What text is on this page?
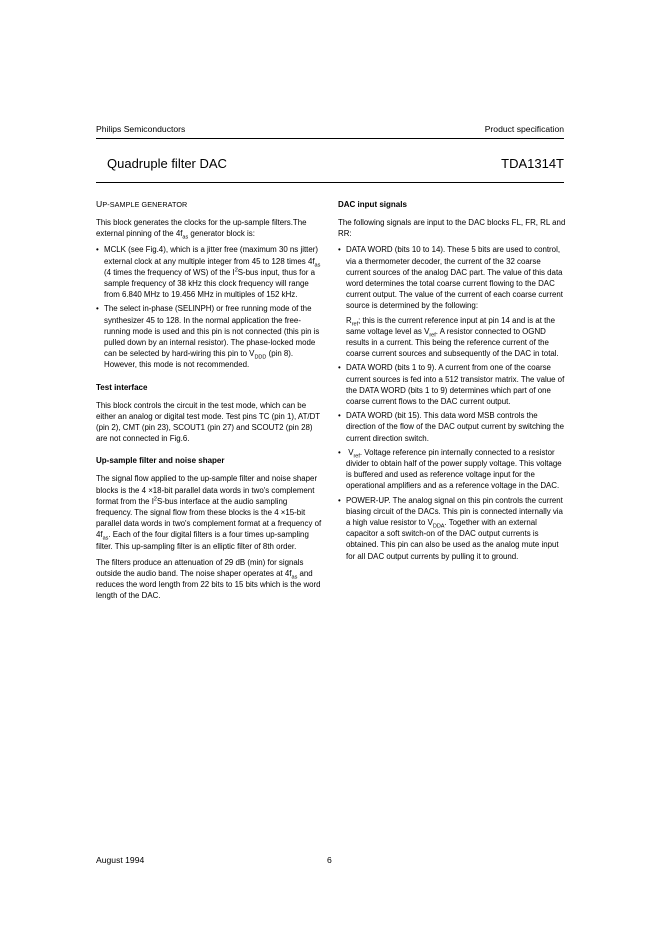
Philips Semiconductors	Product specification
Quadruple filter DAC	TDA1314T
UP-SAMPLE GENERATOR

This block generates the clocks for the up-sample filters.The external pinning of the $4f_{as}$ generator block is:

• MCLK (see Fig.4), which is a jitter free (maximum 30 ns jitter) external clock at any multiple integer from 45 to 128 times $4f_{as}$ (4 times the frequency of WS) of the $I^2S$-bus input, thus for a sample frequency of 38 kHz this clock frequency will range from 6.840 MHz to 19.456 MHz in multiples of 152 kHz.
• The select in-phase (SELINPH) or free running mode of the synthesizer 45 to 128. In the normal application the free-running mode is used and this pin is not connected (this pin is pulled down by an internal resistor). The phase-locked mode can be selected by hard-wiring this pin to $V_{DDD}$ (pin 8). However, this mode is not recommended.
Test interface

This block controls the circuit in the test mode, which can be either an analog or digital test mode. Test pins TC (pin 1), AT/DT (pin 2), CMT (pin 23), SCOUT1 (pin 27) and SCOUT2 (pin 28) are not connected in Fig.6.

Up-sample filter and noise shaper

The signal flow applied to the up-sample filter and noise shaper blocks is the 4 ×18-bit parallel data words in two's complement format from the $I^2S$-bus interface at the audio sampling frequency. The signal flow from these blocks is the 4 ×15-bit parallel data words in two's complement format at a frequency of $4f_{as}$. Each of the four digital filters is a four times up-sampling filter. This up-sampling filter is an elliptic filter of 8th order.

The filters produce an attenuation of 29 dB (min) for signals outside the audio band. The noise shaper operates at $4f_{as}$ and reduces the word length from 22 bits to 15 bits which is the word length of the DAC.

DAC input signals

The following signals are input to the DAC blocks FL, FR, RL and RR:

• DATA WORD (bits 10 to 14). These 5 bits are used to control, via a thermometer decoder, the current of the 32 coarse current sources of the analog DAC part. The value of this data word determines the total coarse current flowing to the DAC current output. The value of the current of each coarse current source is determined by the following:
$R_{ref}$; this is the current reference input at pin 14 and is at the same voltage level as $V_{ref}$. A resistor connected to OGND results in a current. This being the reference current of the coarse current sources and subsequently of the DAC in total.
• DATA WORD (bits 1 to 9). A current from one of the coarse current sources is fed into a 512 transistor matrix. The value of the DATA WORD (bits 1 to 9) determines which part of one coarse current flows to the DAC current output.
• DATA WORD (bit 15). This data word MSB controls the direction of the flow of the DAC output current by switching the current direction switch.
• $V_{ref}$. Voltage reference pin internally connected to a resistor divider to obtain half of the power supply voltage. This voltage is buffered and used as reference voltage input for the operational amplifiers and as a reference voltage in the DAC.
• POWER-UP. The analog signal on this pin controls the current biasing circuit of the DACs. This pin is connected internally via a high value resistor to $V_{DDA}$. Together with an external capacitor a soft switch-on of the DAC output currents is obtained. This pin can also be used as the analog mute input for all DAC output currents by pulling it to ground.
August 1994	6
